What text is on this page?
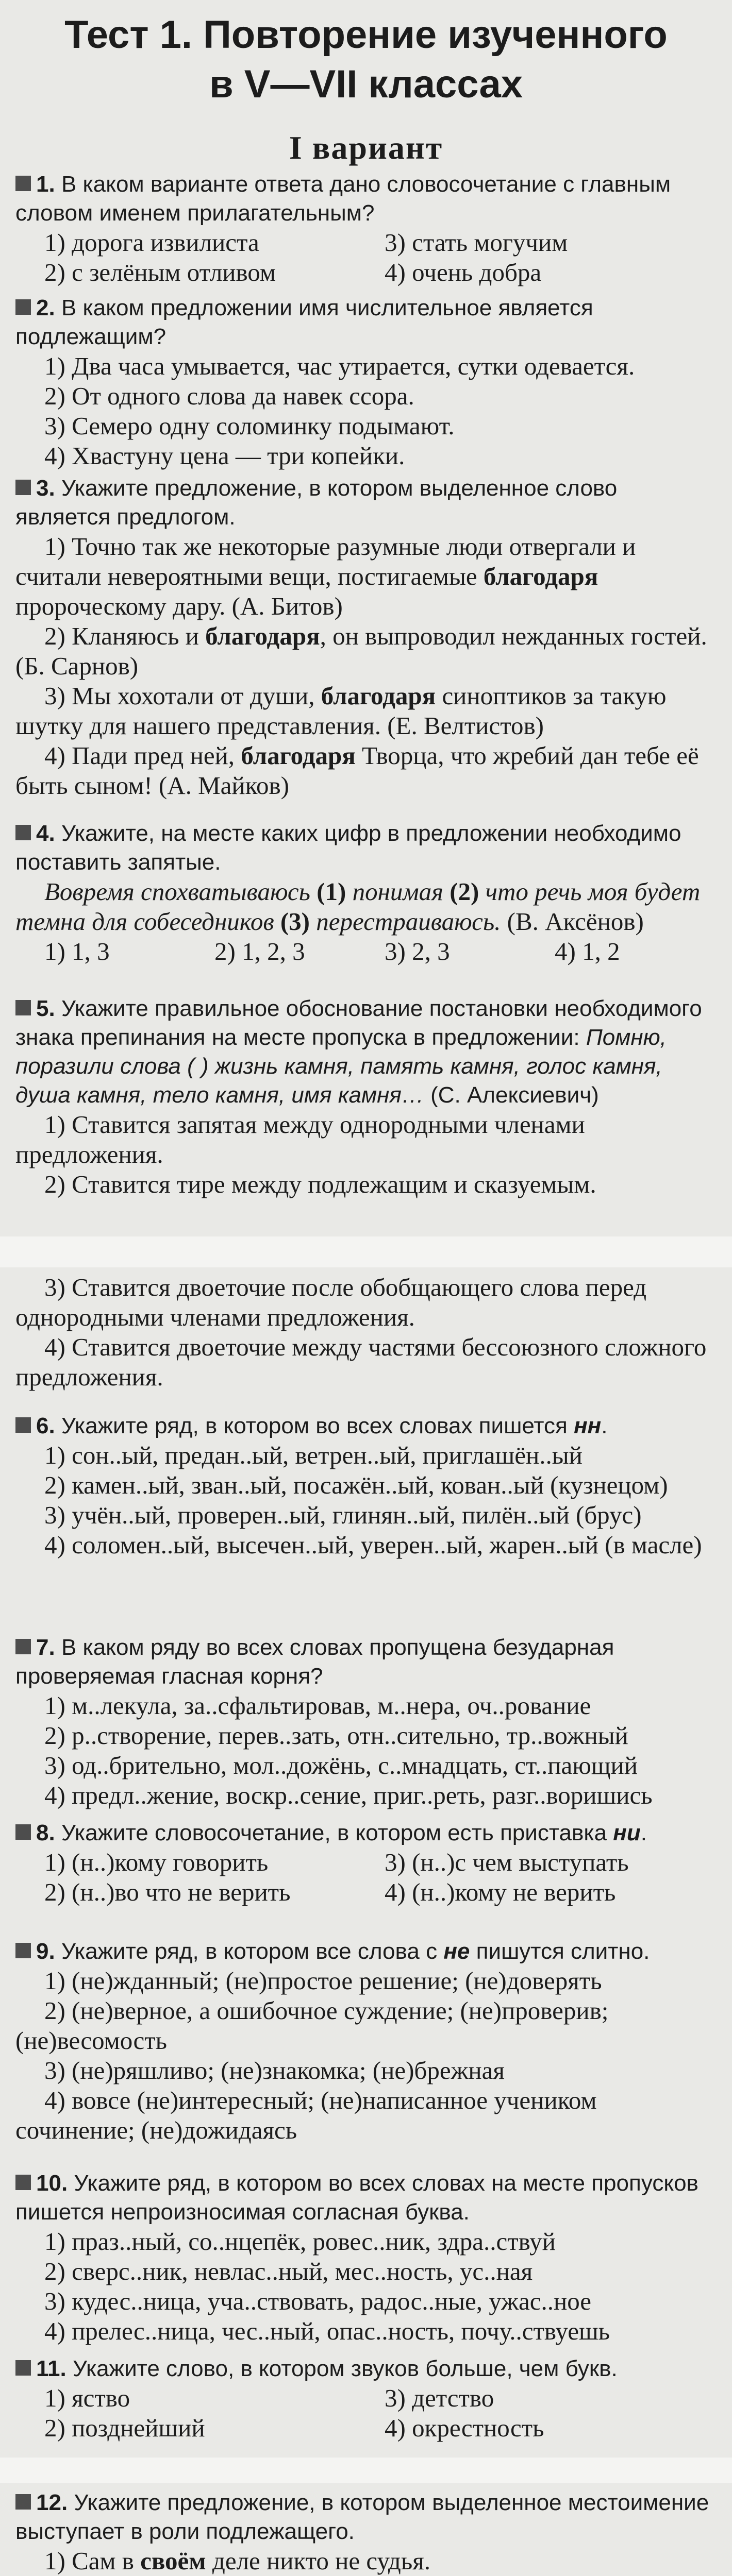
Тест 1. Повторение изученного
в V—VII классах
I вариант
1. В каком варианте ответа дано словосочетание с главным словом именем прилагательным?
1) дорога извилиста	3) стать могучим
2) с зелёным отливом	4) очень добра
2. В каком предложении имя числительное является подлежащим?
1) Два часа умывается, час утирается, сутки одевается.
2) От одного слова да навек ссора.
3) Семеро одну соломинку подымают.
4) Хвастуну цена — три копейки.
3. Укажите предложение, в котором выделенное слово является предлогом.
1) Точно так же некоторые разумные люди отвергали и считали невероятными вещи, постигаемые благодаря пророческому дару. (А. Битов)
2) Кланяюсь и благодаря, он выпроводил нежданных гостей. (Б. Сарнов)
3) Мы хохотали от души, благодаря синоптиков за такую шутку для нашего представления. (Е. Велтистов)
4) Пади пред ней, благодаря Творца, что жребий дан тебе её быть сыном! (А. Майков)
4. Укажите, на месте каких цифр в предложении необходимо поставить запятые.
Вовремя спохватываюсь (1) понимая (2) что речь моя будет темна для собеседников (3) перестраиваюсь. (В. Аксёнов)
1) 1, 3	2) 1, 2, 3	3) 2, 3	4) 1, 2
5. Укажите правильное обоснование постановки необходимого знака препинания на месте пропуска в предложении: Помню, поразили слова ( ) жизнь камня, память камня, голос камня, душа камня, тело камня, имя камня… (С. Алексиевич)
1) Ставится запятая между однородными членами предложения.
2) Ставится тире между подлежащим и сказуемым.
3) Ставится двоеточие после обобщающего слова перед однородными членами предложения.
4) Ставится двоеточие между частями бессоюзного сложного предложения.
6. Укажите ряд, в котором во всех словах пишется нн.
1) сон..ый, предан..ый, ветрен..ый, приглашён..ый
2) камен..ый, зван..ый, посажён..ый, кован..ый (кузнецом)
3) учён..ый, проверен..ый, глинян..ый, пилён..ый (брус)
4) соломен..ый, высечен..ый, уверен..ый, жарен..ый (в масле)
7. В каком ряду во всех словах пропущена безударная проверяемая гласная корня?
1) м..лекула, за..сфальтировав, м..нера, оч..рование
2) р..створение, перев..зать, отн..сительно, тр..вожный
3) од..брительно, мол..дожёнь, с..мнадцать, ст..пающий
4) предл..жение, воскр..сение, приг..реть, разг..воришись
8. Укажите словосочетание, в котором есть приставка ни.
1) (н..)кому говорить	3) (н..)с чем выступать
2) (н..)во что не верить	4) (н..)кому не верить
9. Укажите ряд, в котором все слова с не пишутся слитно.
1) (не)жданный; (не)простое решение; (не)доверять
2) (не)верное, а ошибочное суждение; (не)проверив; (не)весомость
3) (не)ряшливо; (не)знакомка; (не)брежная
4) вовсе (не)интересный; (не)написанное учеником сочинение; (не)дожидаясь
10. Укажите ряд, в котором во всех словах на месте пропусков пишется непроизносимая согласная буква.
1) праз..ный, со..нцепёк, ровес..ник, здра..ствуй
2) сверс..ник, невлас..ный, мес..ность, ус..ная
3) кудес..ница, уча..ствовать, радос..ные, ужас..ное
4) прелес..ница, чес..ный, опас..ность, почу..ствуешь
11. Укажите слово, в котором звуков больше, чем букв.
1) яство	3) детство
2) позднейший	4) окрестность
12. Укажите предложение, в котором выделенное местоимение выступает в роли подлежащего.
1) Сам в своём деле никто не судья.
